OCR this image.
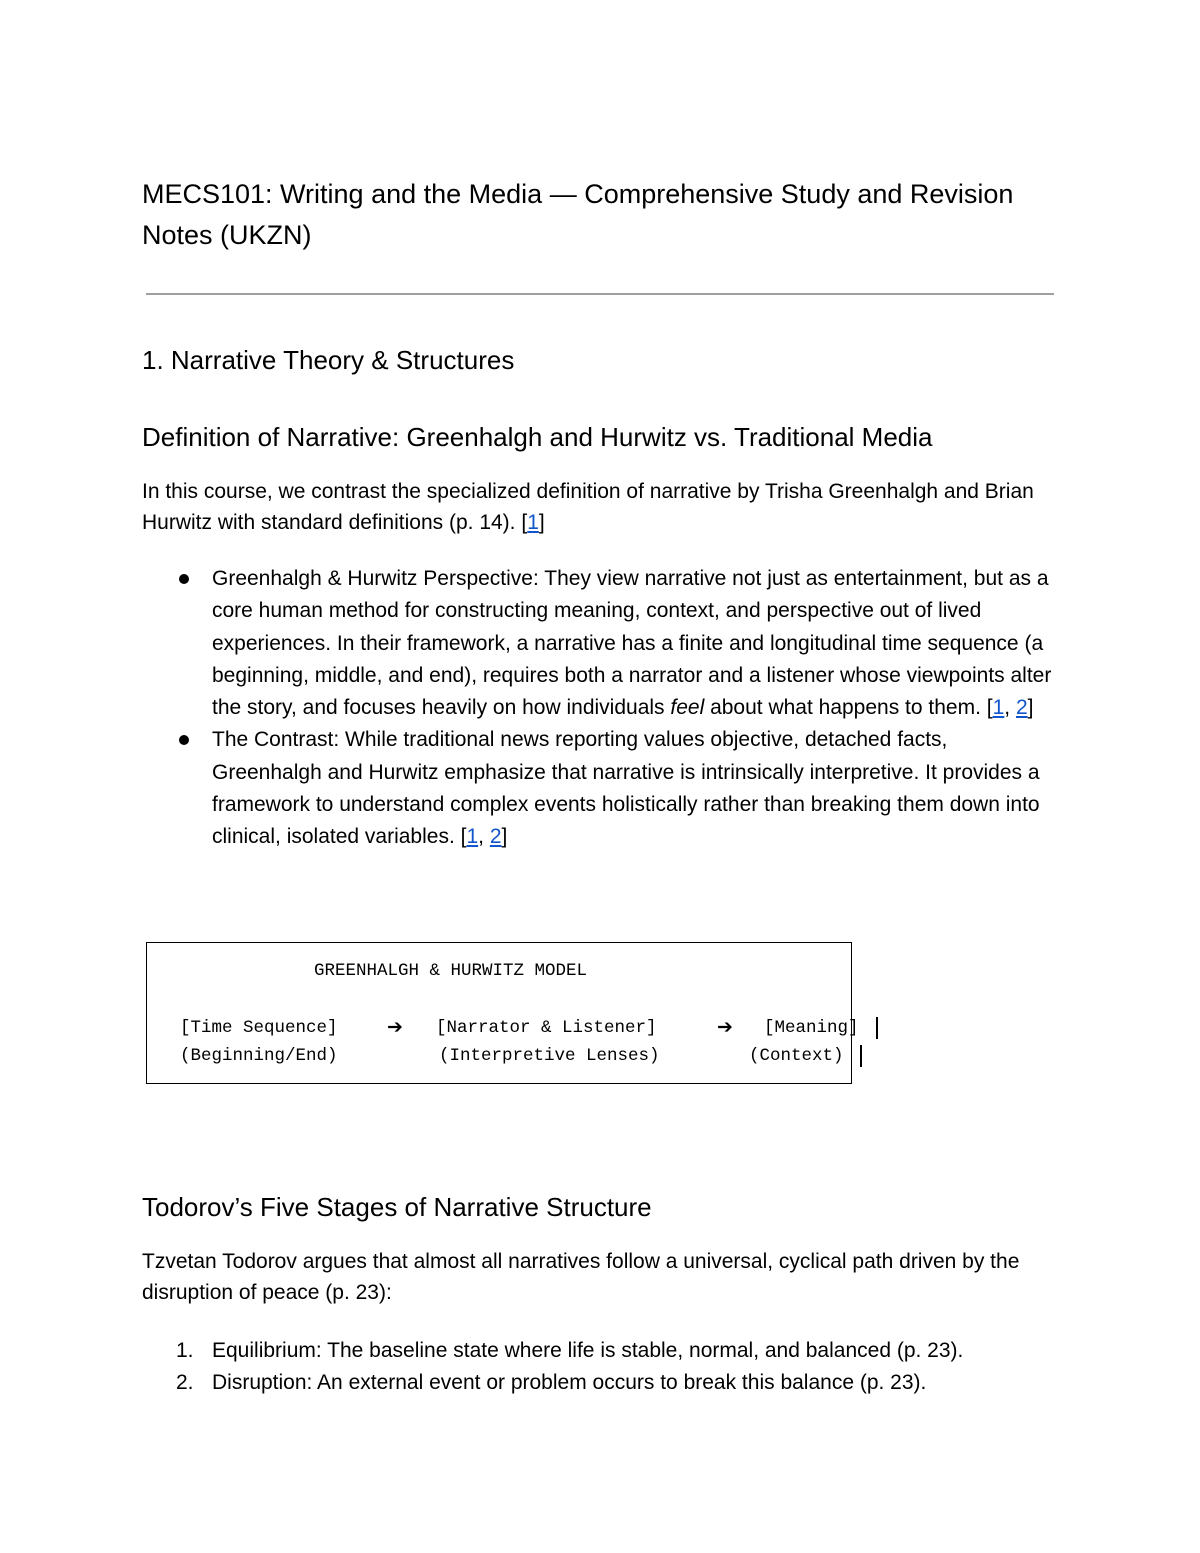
MECS101: Writing and the Media — Comprehensive Study and Revision Notes (UKZN)
1. Narrative Theory & Structures
Definition of Narrative: Greenhalgh and Hurwitz vs. Traditional Media

In this course, we contrast the specialized definition of narrative by Trisha Greenhalgh and Brian Hurwitz with standard definitions (p. 14). [1]

Greenhalgh & Hurwitz Perspective: They view narrative not just as entertainment, but as a core human method for constructing meaning, context, and perspective out of lived experiences. In their framework, a narrative has a finite and longitudinal time sequence (a beginning, middle, and end), requires both a narrator and a listener whose viewpoints alter the story, and focuses heavily on how individuals feel about what happens to them. [1, 2]
The Contrast: While traditional news reporting values objective, detached facts, Greenhalgh and Hurwitz emphasize that narrative is intrinsically interpretive. It provides a framework to understand complex events holistically rather than breaking them down into clinical, isolated variables. [1, 2]
GREENHALGH & HURWITZ MODEL
[Time Sequence]	➔ [Narrator & Listener]	➔ [Meaning]
(Beginning/End)	(Interpretive Lenses)	(Context)
Todorov’s Five Stages of Narrative Structure

Tzvetan Todorov argues that almost all narratives follow a universal, cyclical path driven by the disruption of peace (p. 23):

1. Equilibrium: The baseline state where life is stable, normal, and balanced (p. 23).
2. Disruption: An external event or problem occurs to break this balance (p. 23).
